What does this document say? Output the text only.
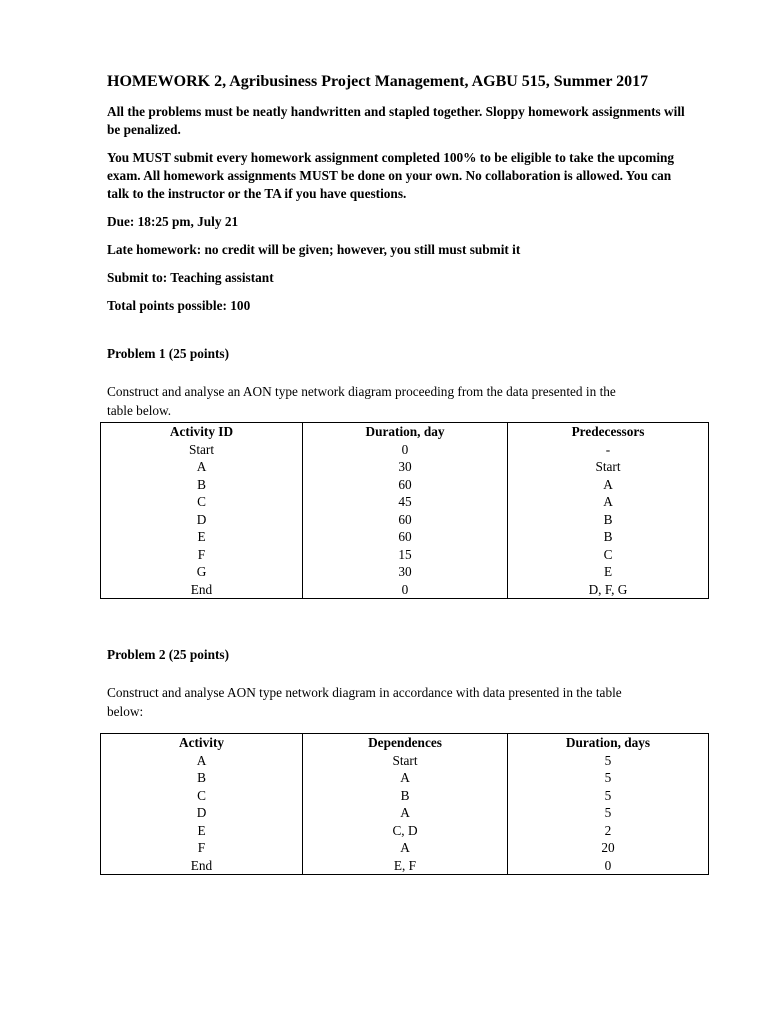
HOMEWORK 2, Agribusiness Project Management, AGBU 515, Summer 2017

All the problems must be neatly handwritten and stapled together. Sloppy homework assignments will

be penalized.

You MUST submit every homework assignment completed 100% to be eligible to take the upcoming

exam. All homework assignments MUST be done on your own. No collaboration is allowed. You can

talk to the instructor or the TA if you have questions.

Due: 18:25 pm, July 21

Late homework: no credit will be given; however, you still must submit it

Submit to: Teaching assistant

Total points possible: 100

Problem 1 (25 points)

Construct and analyse an AON type network diagram proceeding from the data presented in the

table below.

Activity ID	Duration, day	Predecessors
Start	0	-
A	30	Start
B	60	A
C	45	A
D	60	B
E	60	B
F	15	C
G	30	E
End	0	D, F, G

Problem 2 (25 points)

Construct and analyse AON type network diagram in accordance with data presented in the table

below:

Activity	Dependences	Duration, days
A	Start	5
B	A	5
C	B	5
D	A	5
E	C, D	2
F	A	20
End	E, F	0
